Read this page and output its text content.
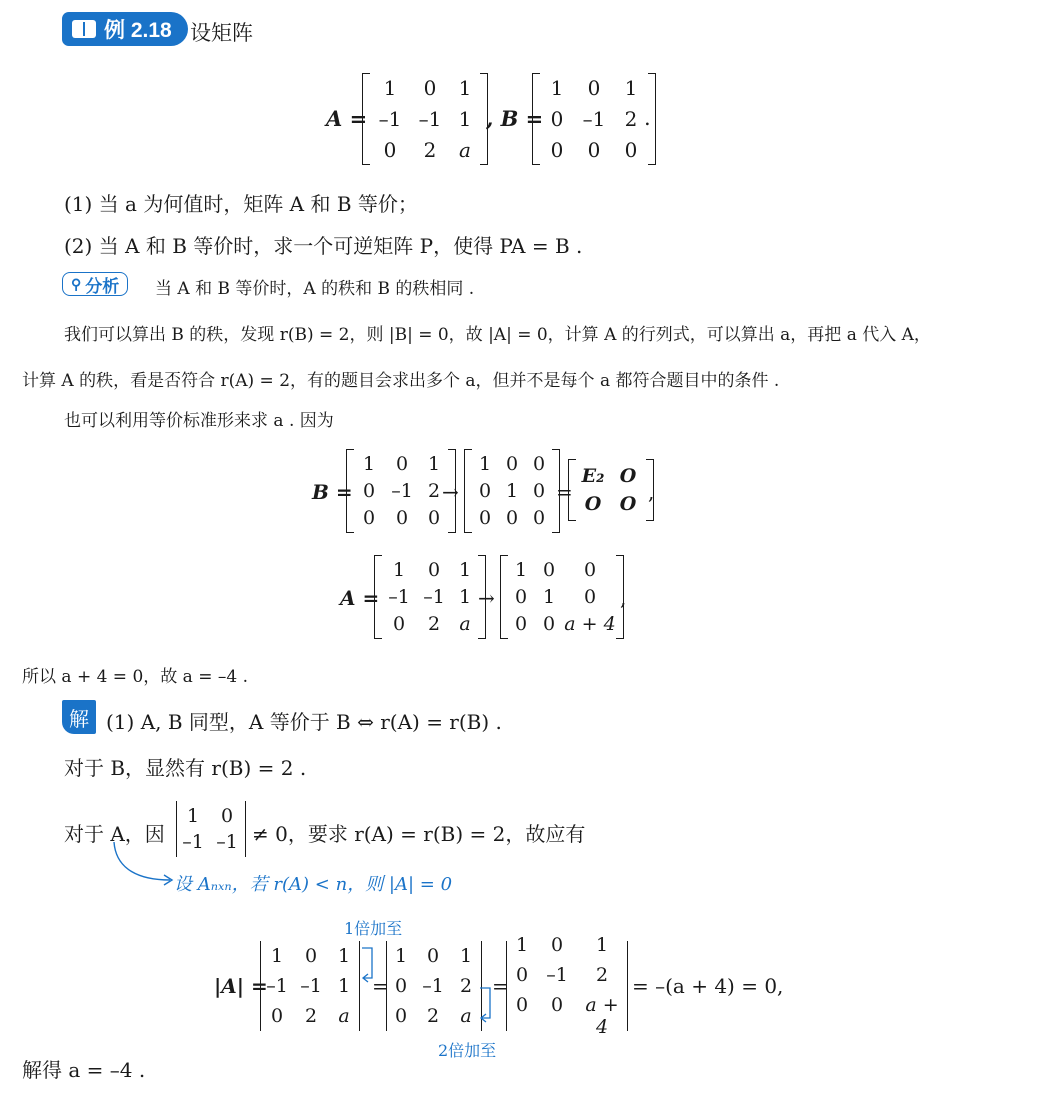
例 2.18 设矩阵
A =
1	0	1
–1 –1 1
0	2	a
, B =
1	0	1
0 –1 2
0	0	0
.
(1) 当 a 为何值时，矩阵 A 和 B 等价；
(2) 当 A 和 B 等价时，求一个可逆矩阵 P，使得 PA = B .
⚲ 分析 当 A 和 B 等价时，A 的秩和 B 的秩相同 .
我们可以算出 B 的秩，发现 r(B) = 2，则 |B| = 0，故 |A| = 0，计算 A 的行列式，可以算出 a，再把 a 代入 A，
计算 A 的秩，看是否符合 r(A) = 2，有的题目会求出多个 a，但并不是每个 a 都符合题目中的条件 .
也可以利用等价标准形来求 a . 因为
B =
1	0	1
0 –1 2
0	0	0
→
1 0 0
0 1 0
0 0 0
=
E₂ O
O O ,
A =
1	0 1
–1 –1 1
0	2	a
→
1 0	0
0 1	0
0 0 a + 4
,
所以 a + 4 = 0，故 a = –4 .
解 (1) A, B 同型，A 等价于 B ⇔ r(A) = r(B) .
对于 B，显然有 r(B) = 2 .
对于 A，因
1	0
–1 –1 ≠ 0，要求 r(A) = r(B) = 2，故应有
设 Aₙₓₙ，若 r(A) < n，则 |A| = 0
1倍加至
2倍加至
|A| =
1	0	1
–1 –1 1
0	2	a
=
1	0	1
0 –1 2
0	2	a
=
1	0	1
0 –1	2
0	0	a + 4
= –(a + 4) = 0,
解得 a = –4 .
